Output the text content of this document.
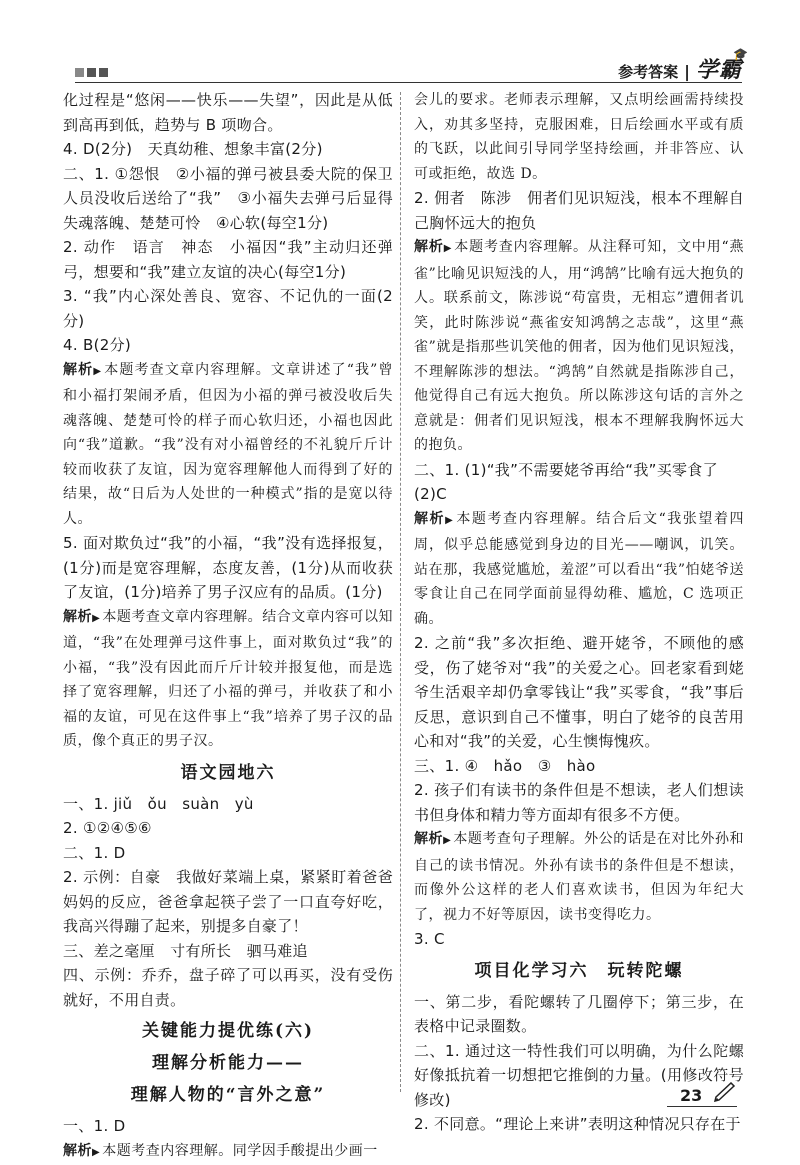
参考答案 | 学霸
🎓

化过程是“悠闲——快乐——失望”，因此是从低到高再到低，趋势与 B 项吻合。

4. D(2分)　天真幼稚、想象丰富(2分)

二、1. ①怨恨　②小福的弹弓被县委大院的保卫人员没收后送给了“我”　③小福失去弹弓后显得失魂落魄、楚楚可怜　④心软(每空1分)

2. 动作　语言　神态　小福因“我”主动归还弹弓，想要和“我”建立友谊的决心(每空1分)

3. “我”内心深处善良、宽容、不记仇的一面(2分)

4. B(2分)

解析▶ 本题考查文章内容理解。文章讲述了“我”曾和小福打架闹矛盾，但因为小福的弹弓被没收后失魂落魄、楚楚可怜的样子而心软归还，小福也因此向“我”道歉。“我”没有对小福曾经的不礼貌斤斤计较而收获了友谊，因为宽容理解他人而得到了好的结果，故“日后为人处世的一种模式”指的是宽以待人。

5. 面对欺负过“我”的小福，“我”没有选择报复，(1分)而是宽容理解，态度友善，(1分)从而收获了友谊，(1分)培养了男子汉应有的品质。(1分)

解析▶ 本题考查文章内容理解。结合文章内容可以知道，“我”在处理弹弓这件事上，面对欺负过“我”的小福，“我”没有因此而斤斤计较并报复他，而是选择了宽容理解，归还了小福的弹弓，并收获了和小福的友谊，可见在这件事上“我”培养了男子汉的品质，像个真正的男子汉。

语文园地六

一、1. jiǔ　ǒu　suàn　yù

2. ①②④⑤⑥

二、1. D

2. 示例：自豪　我做好菜端上桌，紧紧盯着爸爸妈妈的反应，爸爸拿起筷子尝了一口直夸好吃，我高兴得蹦了起来，别提多自豪了！

三、差之毫厘　寸有所长　驷马难追

四、示例：乔乔，盘子碎了可以再买，没有受伤就好，不用自责。

关键能力提优练(六)
理解分析能力——
理解人物的“言外之意”

一、1. D

解析▶ 本题考查内容理解。同学因手酸提出少画一

会儿的要求。老师表示理解，又点明绘画需持续投入，劝其多坚持，克服困难，日后绘画水平或有质的飞跃，以此间引导同学坚持绘画，并非答应、认可或拒绝，故选 D。

2. 佣者　陈涉　佣者们见识短浅，根本不理解自己胸怀远大的抱负

解析▶ 本题考查内容理解。从注释可知，文中用“燕雀”比喻见识短浅的人，用“鸿鹄”比喻有远大抱负的人。联系前文，陈涉说“苟富贵，无相忘”遭佣者讥笑，此时陈涉说“燕雀安知鸿鹄之志哉”，这里“燕雀”就是指那些讥笑他的佣者，因为他们见识短浅，不理解陈涉的想法。“鸿鹄”自然就是指陈涉自己，他觉得自己有远大抱负。所以陈涉这句话的言外之意就是：佣者们见识短浅，根本不理解我胸怀远大的抱负。

二、1. (1)“我”不需要姥爷再给“我”买零食了

(2)C

解析▶ 本题考查内容理解。结合后文“我张望着四周，似乎总能感觉到身边的目光——嘲讽，讥笑。站在那，我感觉尴尬，羞涩”可以看出“我”怕姥爷送零食让自己在同学面前显得幼稚、尴尬，C 选项正确。

2. 之前“我”多次拒绝、避开姥爷，不顾他的感受，伤了姥爷对“我”的关爱之心。回老家看到姥爷生活艰辛却仍拿零钱让“我”买零食，“我”事后反思，意识到自己不懂事，明白了姥爷的良苦用心和对“我”的关爱，心生懊悔愧疚。

三、1. ④　hǎo　③　hào

2. 孩子们有读书的条件但是不想读，老人们想读书但身体和精力等方面却有很多不方便。

解析▶ 本题考查句子理解。外公的话是在对比外孙和自己的读书情况。外孙有读书的条件但是不想读，而像外公这样的老人们喜欢读书，但因为年纪大了，视力不好等原因，读书变得吃力。

3. C

项目化学习六　玩转陀螺

一、第二步，看陀螺转了几圈停下；第三步，在表格中记录圈数。

二、1. 通过这一特性我们可以明确，为什么陀螺好像抵抗着一切想把它推倒的力量。(用修改符号修改)

2. 不同意。“理论上来讲”表明这种情况只存在于

23
